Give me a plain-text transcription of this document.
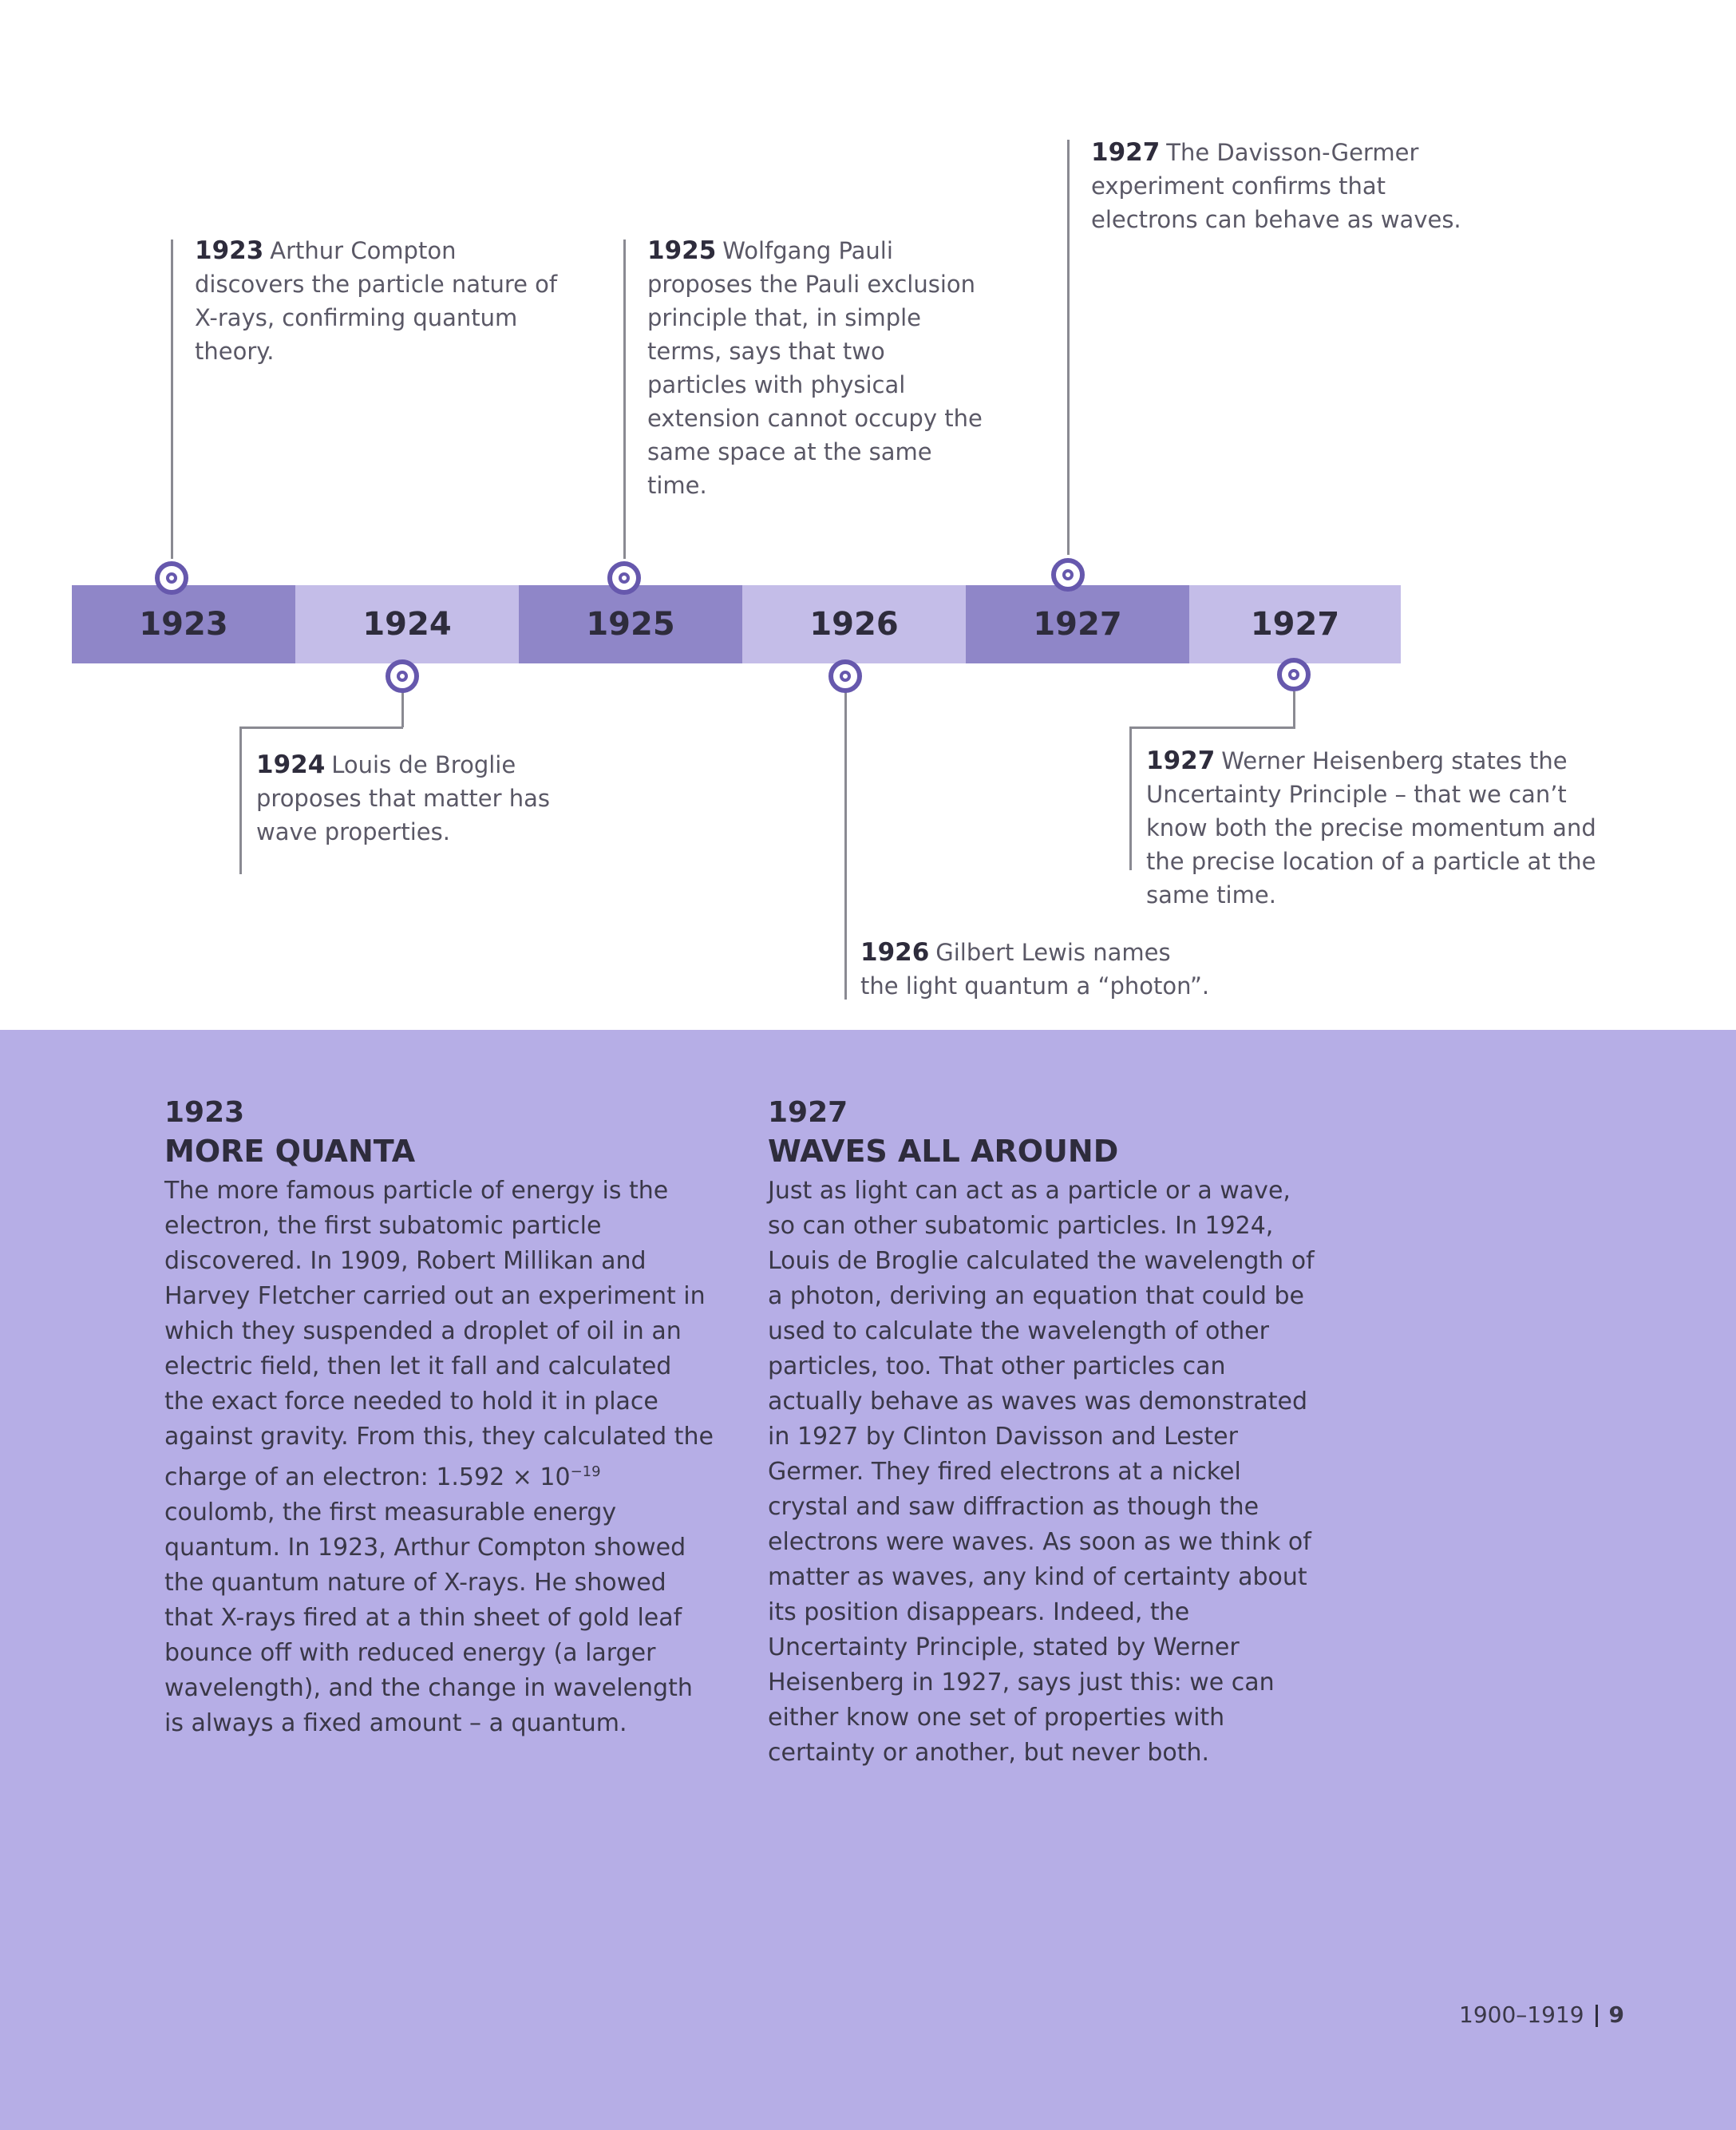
1923	1924	1925	1926	1927	1927
1923 Arthur Compton discovers the particle nature of X-rays, confirming quantum theory.
1925 Wolfgang Pauli proposes the Pauli exclusion principle that, in simple terms, says that two particles with physical extension cannot occupy the same space at the same time.
1927 The Davisson-Germer experiment confirms that electrons can behave as waves.
1924 Louis de Broglie proposes that matter has wave properties.
1926 Gilbert Lewis names the light quantum a “photon”.
1927 Werner Heisenberg states the Uncertainty Principle – that we can’t know both the precise momentum and the precise location of a particle at the same time.
1923
MORE QUANTA
The more famous particle of energy is the electron, the first subatomic particle discovered. In 1909, Robert Millikan and Harvey Fletcher carried out an experiment in which they suspended a droplet of oil in an electric field, then let it fall and calculated the exact force needed to hold it in place against gravity. From this, they calculated the charge of an electron: $1.592 \times 10^{-19}$ coulomb, the first measurable energy quantum. In 1923, Arthur Compton showed the quantum nature of X-rays. He showed that X-rays fired at a thin sheet of gold leaf bounce off with reduced energy (a larger wavelength), and the change in wavelength is always a fixed amount – a quantum.
1927
WAVES ALL AROUND
Just as light can act as a particle or a wave, so can other subatomic particles. In 1924, Louis de Broglie calculated the wavelength of a photon, deriving an equation that could be used to calculate the wavelength of other particles, too. That other particles can actually behave as waves was demonstrated in 1927 by Clinton Davisson and Lester Germer. They fired electrons at a nickel crystal and saw diffraction as though the electrons were waves. As soon as we think of matter as waves, any kind of certainty about its position disappears. Indeed, the Uncertainty Principle, stated by Werner Heisenberg in 1927, says just this: we can either know one set of properties with certainty or another, but never both.
1900–1919 9
